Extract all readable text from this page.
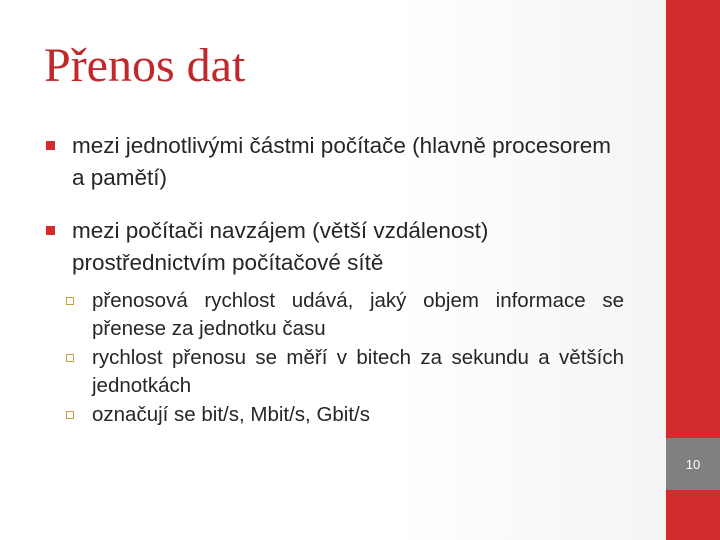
10
Přenos dat
mezi jednotlivými částmi počítače (hlavně procesorem a pamětí)
mezi počítači navzájem (větší vzdálenost) prostřednictvím počítačové sítě
přenosová rychlost udává, jaký objem informace se přenese za jednotku času
rychlost přenosu se měří v bitech za sekundu a větších jednotkách
označují se bit/s, Mbit/s, Gbit/s
